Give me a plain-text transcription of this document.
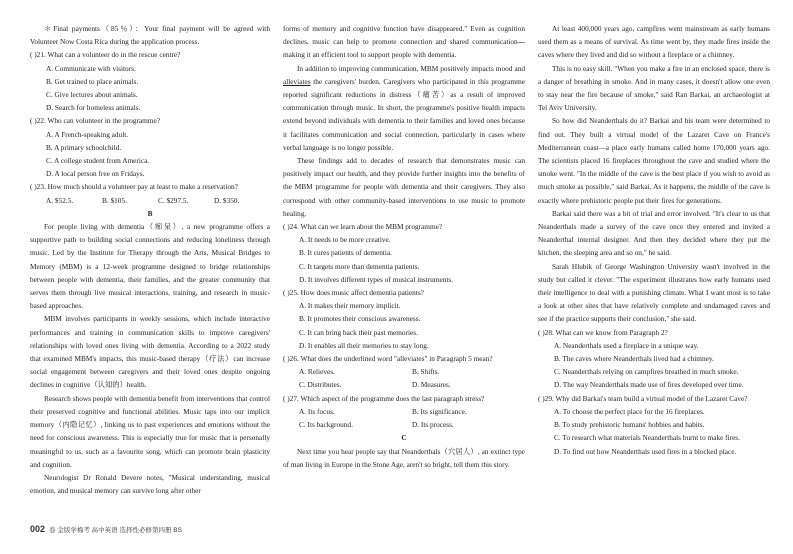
＊Final payments（85％）：Your final payment will be agreed with Volunteer Now Costa Rica during the application process.

( )21. What can a volunteer do in the rescue centre?

A. Communicate with visitors.

B. Get trained to place animals.

C. Give lectures about animals.

D. Search for homeless animals.

( )22. Who can volunteer in the programme?

A. A French-speaking adult.

B. A primary schoolchild.

C. A college student from America.

D. A local person free on Fridays.

( )23. How much should a volunteer pay at least to make a reservation?

A. $52.5.	B. $105.	C. $297.5.	D. $350.

B

For people living with dementia（痴呆）, a new programme offers a supportive path to building social connections and reducing loneliness through music. Led by the Institute for Therapy through the Arts, Musical Bridges to Memory (MBM) is a 12-week programme designed to bridge relationships between people with dementia, their families, and the greater community that serves them through live musical interactions, training, and research in music-based approaches.

MBM involves participants in weekly sessions, which include interactive performances and training in communication skills to improve caregivers' relationships with loved ones living with dementia. According to a 2022 study that examined MBM's impacts, this music-based therapy（疗法）can increase social engagement between caregivers and their loved ones despite ongoing declines in cognitive（认知的）health.

Research shows people with dementia benefit from interventions that control their preserved cognitive and functional abilities. Music taps into our implicit memory（内隐记忆）, linking us to past experiences and emotions without the need for conscious awareness. This is especially true for music that is personally meaningful to us, such as a favourite song, which can promote brain plasticity and cognition.

Neurologist Dr Ronald Devere notes, "Musical understanding, musical emotion, and musical memory can survive long after other

forms of memory and cognitive function have disappeared." Even as cognition declines, music can help to promote connection and shared communication—making it an efficient tool to support people with dementia.

In addition to improving communication, MBM positively impacts mood and alleviates the caregivers' burden. Caregivers who participated in this programme reported significant reductions in distress（痛苦）as a result of improved communication through music. In short, the programme's positive health impacts extend beyond individuals with dementia to their families and loved ones because it facilitates communication and social connection, particularly in cases where verbal language is no longer possible.

These findings add to decades of research that demonstrates music can positively impact our health, and they provide further insights into the benefits of the MBM programme for people with dementia and their caregivers. They also correspond with other community-based interventions to use music to promote healing.

( )24. What can we learn about the MBM programme?

A. It needs to be more creative.

B. It cures patients of dementia.

C. It targets more than dementia patients.

D. It involves different types of musical instruments.

( )25. How does music affect dementia patients?

A. It makes their memory implicit.

B. It promotes their conscious awareness.

C. It can bring back their past memories.

D. It enables all their memories to stay long.

( )26. What does the underlined word "alleviates" in Paragraph 5 mean?

A. Relieves.	B. Shifts.
C. Distributes.	D. Measures.

( )27. Which aspect of the programme does the last paragraph stress?

A. Its focus.	B. Its significance.
C. Its background.	D. Its process.

C

Next time you hear people say that Neanderthals（穴居人）, an extinct type of man living in Europe in the Stone Age, aren't so bright, tell them this story.

At least 400,000 years ago, campfires went mainstream as early humans used them as a means of survival. As time went by, they made fires inside the caves where they lived and did so without a fireplace or a chimney.

This is no easy skill. "When you make a fire in an enclosed space, there is a danger of breathing in smoke. And in many cases, it doesn't allow one even to stay near the fire because of smoke," said Ran Barkai, an archaeologist at Tel Aviv University.

So how did Neanderthals do it? Barkai and his team were determined to find out. They built a virtual model of the Lazaret Cave on France's Mediterranean coast—a place early humans called home 170,000 years ago. The scientists placed 16 fireplaces throughout the cave and studied where the smoke went. "In the middle of the cave is the best place if you wish to avoid as much smoke as possible," said Barkai. As it happens, the middle of the cave is exactly where prehistoric people put their fires for generations.

Barkai said there was a bit of trial and error involved. "It's clear to us that Neanderthals made a survey of the cave once they entered and invited a Neanderthal internal designer. And then they decided where they put the kitchen, the sleeping area and so on," he said.

Sarah Hlubik of George Washington University wasn't involved in the study but called it clever. "The experiment illustrates how early humans used their intelligence to deal with a punishing climate. What I want most is to take a look at other sites that have relatively complete and undamaged caves and see if the practice supports their conclusion," she said.

( )28. What can we know from Paragraph 2?

A. Neanderthals used a fireplace in a unique way.

B. The caves where Neanderthals lived had a chimney.

C. Neanderthals relying on campfires breathed in much smoke.

D. The way Neanderthals made use of fires developed over time.

( )29. Why did Barkai's team build a virtual model of the Lazaret Cave?

A. To choose the perfect place for the 16 fireplaces.

B. To study prehistoric humans' hobbies and habits.

C. To research what materials Neanderthals burnt to make fires.

D. To find out how Neanderthals used fires in a blocked place.

002 卷 金版学梅考 高中英语 选择性必修第四册 BS
